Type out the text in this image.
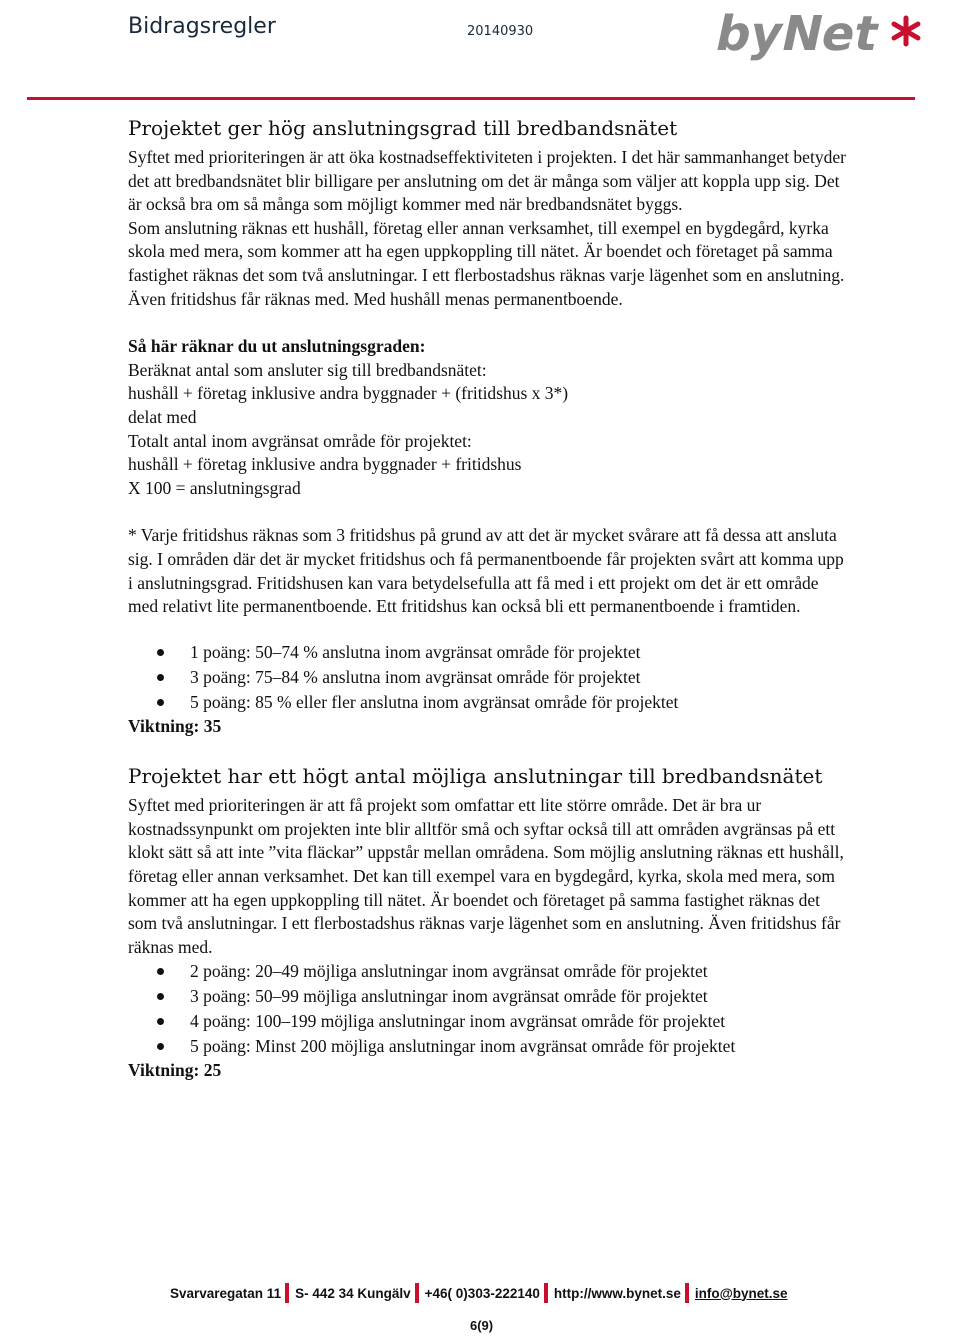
Bidragsregler	20140930	byNet
Projektet ger hög anslutningsgrad till bredbandsnätet

Syftet med prioriteringen är att öka kostnadseffektiviteten i projekten. I det här sammanhanget betyder det att bredbandsnätet blir billigare per anslutning om det är många som väljer att koppla upp sig. Det är också bra om så många som möjligt kommer med när bredbandsnätet byggs.

Som anslutning räknas ett hushåll, företag eller annan verksamhet, till exempel en bygdegård, kyrka skola med mera, som kommer att ha egen uppkoppling till nätet. Är boendet och företaget på samma fastighet räknas det som två anslutningar. I ett flerbostadshus räknas varje lägenhet som en anslutning. Även fritidshus får räknas med. Med hushåll menas permanentboende.

Så här räknar du ut anslutningsgraden:

Beräknat antal som ansluter sig till bredbandsnätet:

hushåll + företag inklusive andra byggnader + (fritidshus x 3*)

delat med

Totalt antal inom avgränsat område för projektet:

hushåll + företag inklusive andra byggnader + fritidshus

X 100 = anslutningsgrad

* Varje fritidshus räknas som 3 fritidshus på grund av att det är mycket svårare att få dessa att ansluta sig. I områden där det är mycket fritidshus och få permanentboende får projekten svårt att komma upp i anslutningsgrad. Fritidshusen kan vara betydelsefulla att få med i ett projekt om det är ett område med relativt lite permanentboende. Ett fritidshus kan också bli ett permanentboende i framtiden.

1 poäng: 50–74 % anslutna inom avgränsat område för projektet
3 poäng: 75–84 % anslutna inom avgränsat område för projektet
5 poäng: 85 % eller fler anslutna inom avgränsat område för projektet

Viktning: 35

Projektet har ett högt antal möjliga anslutningar till bredbandsnätet

Syftet med prioriteringen är att få projekt som omfattar ett lite större område. Det är bra ur kostnadssynpunkt om projekten inte blir alltför små och syftar också till att områden avgränsas på ett klokt sätt så att inte ”vita fläckar” uppstår mellan områdena. Som möjlig anslutning räknas ett hushåll, företag eller annan verksamhet. Det kan till exempel vara en bygdegård, kyrka, skola med mera, som kommer att ha egen uppkoppling till nätet. Är boendet och företaget på samma fastighet räknas det som två anslutningar. I ett flerbostadshus räknas varje lägenhet som en anslutning. Även fritidshus får räknas med.

2 poäng: 20–49 möjliga anslutningar inom avgränsat område för projektet
3 poäng: 50–99 möjliga anslutningar inom avgränsat område för projektet
4 poäng: 100–199 möjliga anslutningar inom avgränsat område för projektet
5 poäng: Minst 200 möjliga anslutningar inom avgränsat område för projektet

Viktning: 25

Svarvaregatan 11 S- 442 34 Kungälv +46( 0)303-222140 http://www.bynet.se info@bynet.se
6(9)
